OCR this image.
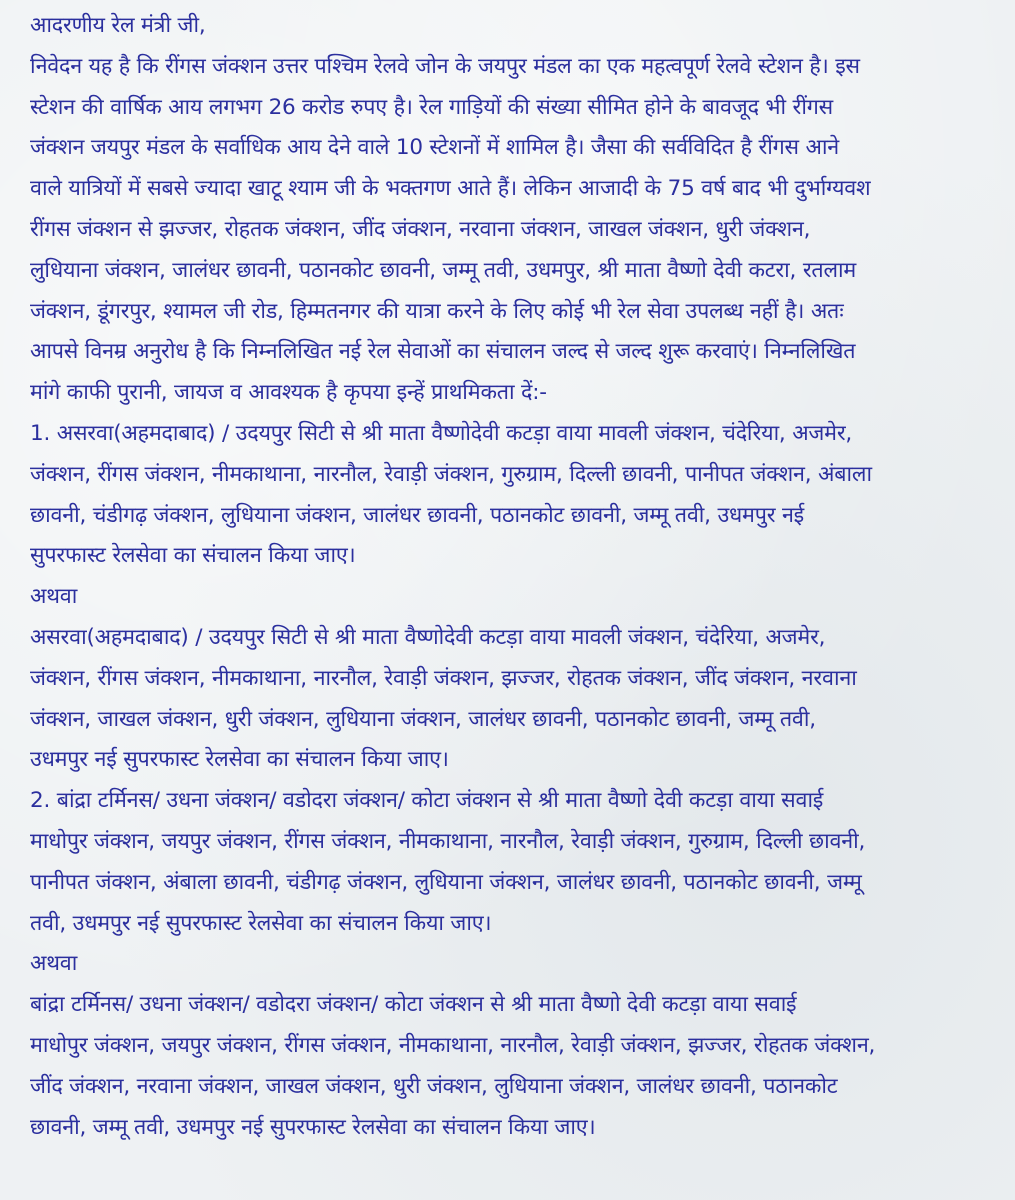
आदरणीय रेल मंत्री जी,
निवेदन यह है कि रींगस जंक्शन उत्तर पश्चिम रेलवे जोन के जयपुर मंडल का एक महत्वपूर्ण रेलवे स्टेशन है। इस
स्टेशन की वार्षिक आय लगभग 26 करोड रुपए है। रेल गाड़ियों की संख्या सीमित होने के बावजूद भी रींगस
जंक्शन जयपुर मंडल के सर्वाधिक आय देने वाले 10 स्टेशनों में शामिल है। जैसा की सर्वविदित है रींगस आने
वाले यात्रियों में सबसे ज्यादा खाटू श्याम जी के भक्तगण आते हैं। लेकिन आजादी के 75 वर्ष बाद भी दुर्भाग्यवश
रींगस जंक्शन से झज्जर, रोहतक जंक्शन, जींद जंक्शन, नरवाना जंक्शन, जाखल जंक्शन, धुरी जंक्शन,
लुधियाना जंक्शन, जालंधर छावनी, पठानकोट छावनी, जम्मू तवी, उधमपुर, श्री माता वैष्णो देवी कटरा, रतलाम
जंक्शन, डूंगरपुर, श्यामल जी रोड, हिम्मतनगर की यात्रा करने के लिए कोई भी रेल सेवा उपलब्ध नहीं है। अतः
आपसे विनम्र अनुरोध है कि निम्नलिखित नई रेल सेवाओं का संचालन जल्द से जल्द शुरू करवाएं। निम्नलिखित
मांगे काफी पुरानी, जायज व आवश्यक है कृपया इन्हें प्राथमिकता दें:-
1. असरवा(अहमदाबाद) / उदयपुर सिटी से श्री माता वैष्णोदेवी कटड़ा वाया मावली जंक्शन, चंदेरिया, अजमेर,
जंक्शन, रींगस जंक्शन, नीमकाथाना, नारनौल, रेवाड़ी जंक्शन, गुरुग्राम, दिल्ली छावनी, पानीपत जंक्शन, अंबाला
छावनी, चंडीगढ़ जंक्शन, लुधियाना जंक्शन, जालंधर छावनी, पठानकोट छावनी, जम्मू तवी, उधमपुर नई
सुपरफास्ट रेलसेवा का संचालन किया जाए।
अथवा
असरवा(अहमदाबाद) / उदयपुर सिटी से श्री माता वैष्णोदेवी कटड़ा वाया मावली जंक्शन, चंदेरिया, अजमेर,
जंक्शन, रींगस जंक्शन, नीमकाथाना, नारनौल, रेवाड़ी जंक्शन, झज्जर, रोहतक जंक्शन, जींद जंक्शन, नरवाना
जंक्शन, जाखल जंक्शन, धुरी जंक्शन, लुधियाना जंक्शन, जालंधर छावनी, पठानकोट छावनी, जम्मू तवी,
उधमपुर नई सुपरफास्ट रेलसेवा का संचालन किया जाए।
2. बांद्रा टर्मिनस/ उधना जंक्शन/ वडोदरा जंक्शन/ कोटा जंक्शन से श्री माता वैष्णो देवी कटड़ा वाया सवाई
माधोपुर जंक्शन, जयपुर जंक्शन, रींगस जंक्शन, नीमकाथाना, नारनौल, रेवाड़ी जंक्शन, गुरुग्राम, दिल्ली छावनी,
पानीपत जंक्शन, अंबाला छावनी, चंडीगढ़ जंक्शन, लुधियाना जंक्शन, जालंधर छावनी, पठानकोट छावनी, जम्मू
तवी, उधमपुर नई सुपरफास्ट रेलसेवा का संचालन किया जाए।
अथवा
बांद्रा टर्मिनस/ उधना जंक्शन/ वडोदरा जंक्शन/ कोटा जंक्शन से श्री माता वैष्णो देवी कटड़ा वाया सवाई
माधोपुर जंक्शन, जयपुर जंक्शन, रींगस जंक्शन, नीमकाथाना, नारनौल, रेवाड़ी जंक्शन, झज्जर, रोहतक जंक्शन,
जींद जंक्शन, नरवाना जंक्शन, जाखल जंक्शन, धुरी जंक्शन, लुधियाना जंक्शन, जालंधर छावनी, पठानकोट
छावनी, जम्मू तवी, उधमपुर नई सुपरफास्ट रेलसेवा का संचालन किया जाए।
